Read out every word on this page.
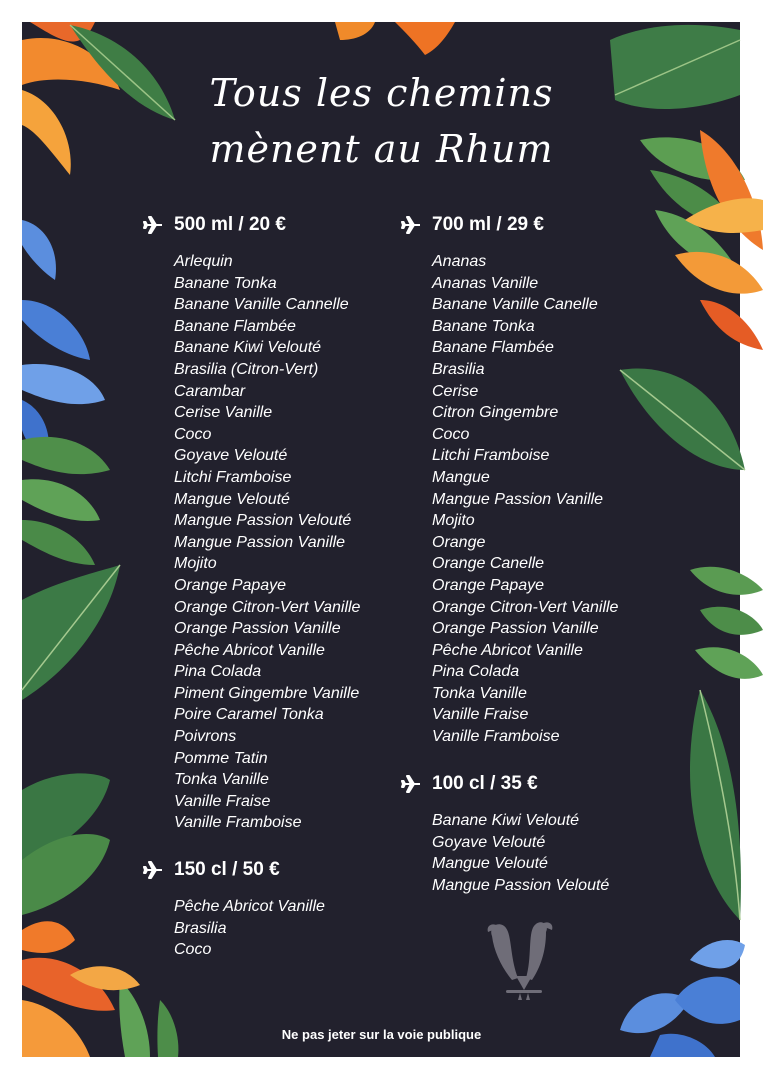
Tous les chemins
mènent au Rhum
500 ml / 20 €
Arlequin
Banane Tonka
Banane Vanille Cannelle
Banane Flambée
Banane Kiwi Velouté
Brasilia (Citron-Vert)
Carambar
Cerise Vanille
Coco
Goyave Velouté
Litchi Framboise
Mangue Velouté
Mangue Passion Velouté
Mangue Passion Vanille
Mojito
Orange Papaye
Orange Citron-Vert Vanille
Orange Passion Vanille
Pêche Abricot Vanille
Pina Colada
Piment Gingembre Vanille
Poire Caramel Tonka
Poivrons
Pomme Tatin
Tonka Vanille
Vanille Fraise
Vanille Framboise
150 cl / 50 €
Pêche Abricot Vanille
Brasilia
Coco
700 ml / 29 €
Ananas
Ananas Vanille
Banane Vanille Canelle
Banane Tonka
Banane Flambée
Brasilia
Cerise
Citron Gingembre
Coco
Litchi Framboise
Mangue
Mangue Passion Vanille
Mojito
Orange
Orange Canelle
Orange Papaye
Orange Citron-Vert Vanille
Orange Passion Vanille
Pêche Abricot Vanille
Pina Colada
Tonka Vanille
Vanille Fraise
Vanille Framboise
100 cl / 35 €
Banane Kiwi Velouté
Goyave Velouté
Mangue Velouté
Mangue Passion Velouté
Ne pas jeter sur la voie publique
